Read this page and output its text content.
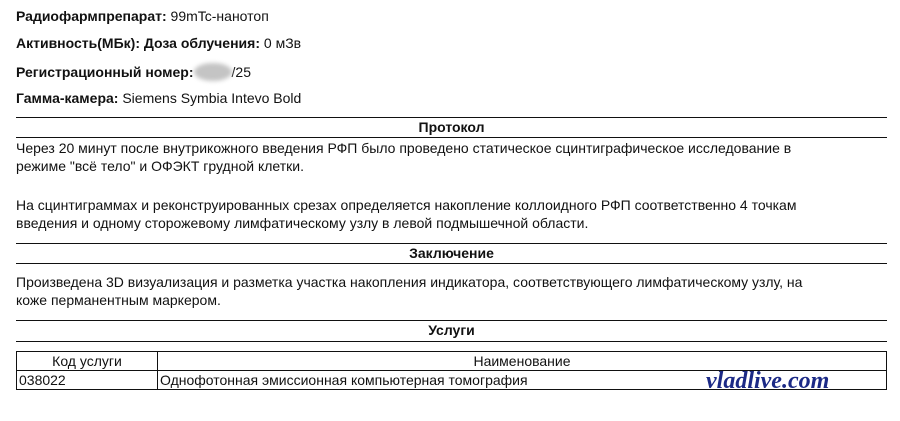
Радиофармпрепарат: 99mTc-нанотоп
Активность(МБк): Доза облучения: 0 мЗв
Регистрационный номер:	/25
Гамма-камера: Siemens Symbia Intevo Bold
Протокол
Через 20 минут после внутрикожного введения РФП было проведено статическое сцинтиграфическое исследование в
режиме "всё тело" и ОФЭКТ грудной клетки.
На сцинтиграммах и реконструированных срезах определяется накопление коллоидного РФП соответственно 4 точкам
введения и одному сторожевому лимфатическому узлу в левой подмышечной области.
Заключение
Произведена 3D визуализация и разметка участка накопления индикатора, соответствующего лимфатическому узлу, на
коже перманентным маркером.
Услуги
Код услуги	Наименование
038022	Однофотонная эмиссионная компьютерная томография	vladlive.com
